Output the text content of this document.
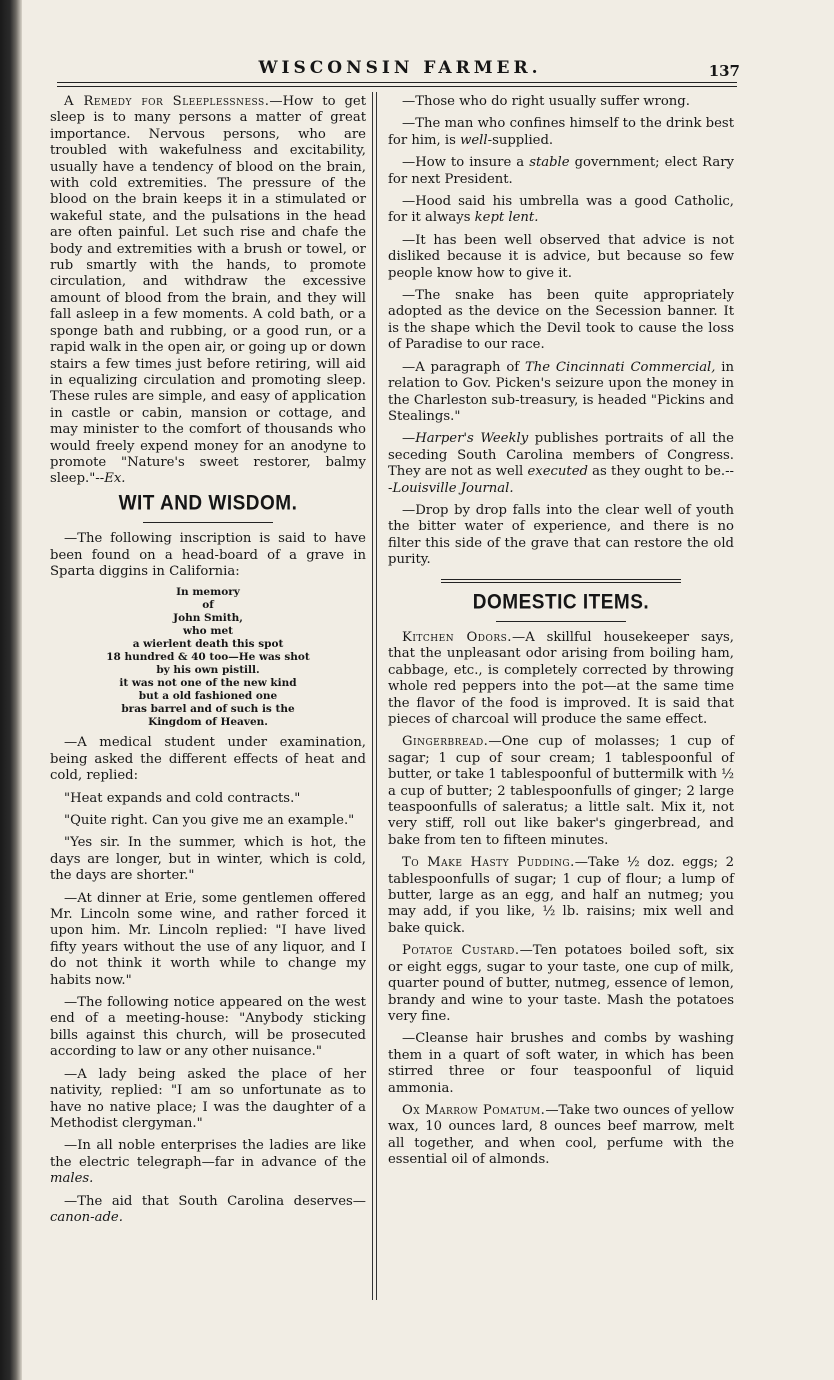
WISCONSIN FARMER.	137

A Remedy for Sleeplessness.—How to get sleep is to many persons a matter of great importance. Nervous persons, who are troubled with wakefulness and excitability, usually have a tendency of blood on the brain, with cold extremities. The pressure of the blood on the brain keeps it in a stimulated or wakeful state, and the pulsations in the head are often painful. Let such rise and chafe the body and extremities with a brush or towel, or rub smartly with the hands, to promote circulation, and withdraw the excessive amount of blood from the brain, and they will fall asleep in a few moments. A cold bath, or a sponge bath and rubbing, or a good run, or a rapid walk in the open air, or going up or down stairs a few times just before retiring, will aid in equalizing circulation and promoting sleep. These rules are simple, and easy of application in castle or cabin, mansion or cottage, and may minister to the comfort of thousands who would freely expend money for an anodyne to promote "Nature's sweet restorer, balmy sleep."--Ex.

WIT AND WISDOM.

—The following inscription is said to have been found on a head-board of a grave in Sparta diggins in California:

In memory
of
John Smith,
who met
a wierlent death this spot
18 hundred & 40 too—He was shot
by his own pistill.
it was not one of the new kind
but a old fashioned one
bras barrel and of such is the
Kingdom of Heaven.

—A medical student under examination, being asked the different effects of heat and cold, replied:

"Heat expands and cold contracts."

"Quite right. Can you give me an example."

"Yes sir. In the summer, which is hot, the days are longer, but in winter, which is cold, the days are shorter."

—At dinner at Erie, some gentlemen offered Mr. Lincoln some wine, and rather forced it upon him. Mr. Lincoln replied: "I have lived fifty years without the use of any liquor, and I do not think it worth while to change my habits now."

—The following notice appeared on the west end of a meeting-house: "Anybody sticking bills against this church, will be prosecuted according to law or any other nuisance."

—A lady being asked the place of her nativity, replied: "I am so unfortunate as to have no native place; I was the daughter of a Methodist clergyman."

—In all noble enterprises the ladies are like the electric telegraph—far in advance of the males.

—The aid that South Carolina deserves—canon-ade.

—Those who do right usually suffer wrong.

—The man who confines himself to the drink best for him, is well-supplied.

—How to insure a stable government; elect Rary for next President.

—Hood said his umbrella was a good Catholic, for it always kept lent.

—It has been well observed that advice is not disliked because it is advice, but because so few people know how to give it.

—The snake has been quite appropriately adopted as the device on the Secession banner. It is the shape which the Devil took to cause the loss of Paradise to our race.

—A paragraph of The Cincinnati Commercial, in relation to Gov. Picken's seizure upon the money in the Charleston sub-treasury, is headed "Pickins and Stealings."

—Harper's Weekly publishes portraits of all the seceding South Carolina members of Congress. They are not as well executed as they ought to be.---Louisville Journal.

—Drop by drop falls into the clear well of youth the bitter water of experience, and there is no filter this side of the grave that can restore the old purity.

DOMESTIC ITEMS.

Kitchen Odors.—A skillful housekeeper says, that the unpleasant odor arising from boiling ham, cabbage, etc., is completely corrected by throwing whole red peppers into the pot—at the same time the flavor of the food is improved. It is said that pieces of charcoal will produce the same effect.

Gingerbread.—One cup of molasses; 1 cup of sagar; 1 cup of sour cream; 1 tablespoonful of butter, or take 1 tablespoonful of buttermilk with ½ a cup of butter; 2 tablespoonfulls of ginger; 2 large teaspoonfulls of saleratus; a little salt. Mix it, not very stiff, roll out like baker's gingerbread, and bake from ten to fifteen minutes.

To Make Hasty Pudding.—Take ½ doz. eggs; 2 tablespoonfulls of sugar; 1 cup of flour; a lump of butter, large as an egg, and half an nutmeg; you may add, if you like, ½ lb. raisins; mix well and bake quick.

Potatoe Custard.—Ten potatoes boiled soft, six or eight eggs, sugar to your taste, one cup of milk, quarter pound of butter, nutmeg, essence of lemon, brandy and wine to your taste. Mash the potatoes very fine.

—Cleanse hair brushes and combs by washing them in a quart of soft water, in which has been stirred three or four teaspoonful of liquid ammonia.

Ox Marrow Pomatum.—Take two ounces of yellow wax, 10 ounces lard, 8 ounces beef marrow, melt all together, and when cool, perfume with the essential oil of almonds.
